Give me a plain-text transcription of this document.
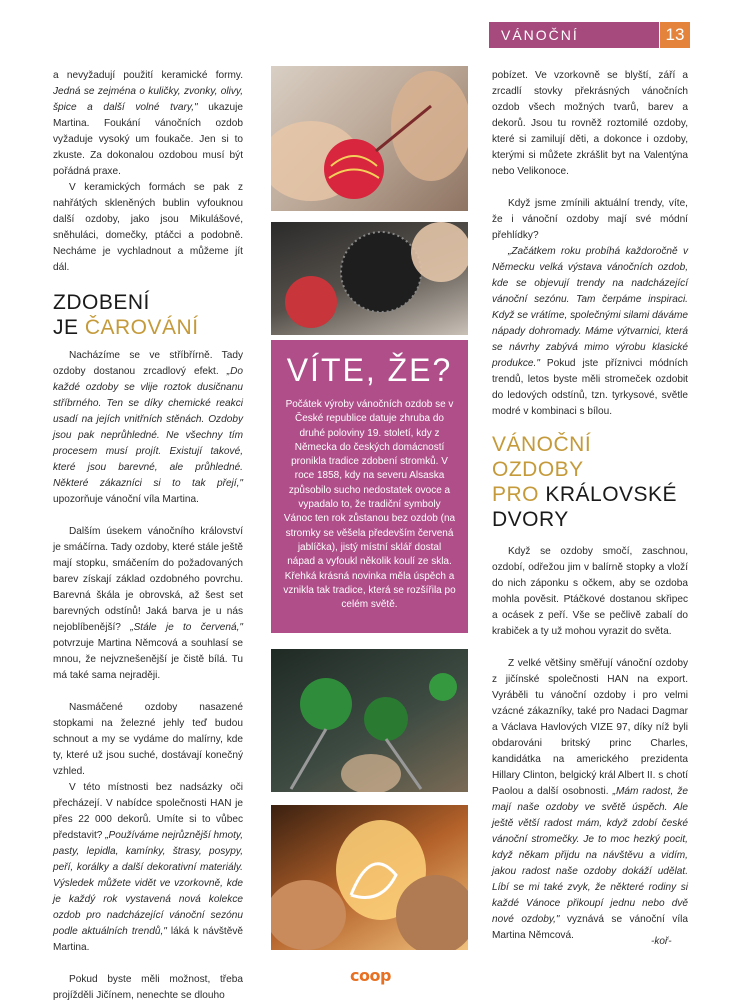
VÁNOČNÍ TRADICE
13

a nevyžadují použití keramické formy. Jedná se zejména o kuličky, zvonky, olivy, špice a další volné tvary," ukazuje Martina. Foukání vánočních ozdob vyžaduje vysoký um foukače. Jen si to zkuste. Za dokonalou ozdobou musí být pořádná praxe.

V keramických formách se pak z nahřátých skleněných bublin vyfouknou další ozdoby, jako jsou Mikulášové, sněhuláci, domečky, ptáčci a podobně. Necháme je vychladnout a můžeme jít dál.

ZDOBENÍ
JE ČAROVÁNÍ

Nacházíme se ve stříbřírně. Tady ozdoby dostanou zrcadlový efekt. „Do každé ozdoby se vlije roztok dusičnanu stříbrného. Ten se díky chemické reakci usadí na jejích vnitřních stěnách. Ozdoby jsou pak neprůhledné. Ne všechny tím procesem musí projít. Existují takové, které jsou barevné, ale průhledné. Některé zákazníci si to tak přejí," upozorňuje vánoční víla Martina.

Dalším úsekem vánočního království je smáčírna. Tady ozdoby, které stále ještě mají stopku, smáčením do požadovaných barev získají základ ozdobného povrchu. Barevná škála je obrovská, až šest set barevných odstínů! Jaká barva je u nás nejoblíbenější? „Stále je to červená," potvrzuje Martina Němcová a souhlasí se mnou, že nejvznešenější je čistě bílá. Tu má také sama nejraději.

Nasmáčené ozdoby nasazené stopkami na železné jehly teď budou schnout a my se vydáme do malírny, kde ty, které už jsou suché, dostávají konečný vzhled.

V této místnosti bez nadsázky oči přecházejí. V nabídce společnosti HAN je přes 22 000 dekorů. Umíte si to vůbec představit? „Používáme nejrůznější hmoty, pasty, lepidla, kamínky, štrasy, posypy, peří, korálky a další dekorativní materiály. Výsledek můžete vidět ve vzorkovně, kde je každý rok vystavená nová kolekce ozdob pro nadcházející vánoční sezónu podle aktuálních trendů," láká k návštěvě Martina.

Pokud byste měli možnost, třeba projížděli Jičínem, nenechte se dlouho

VÍTE, ŽE?
Počátek výroby vánočních ozdob se v České republice datuje zhruba do druhé poloviny 19. století, kdy z Německa do českých domácností pronikla tradice zdobení stromků. V roce 1858, kdy na severu Alsaska způsobilo sucho nedostatek ovoce a vypadalo to, že tradiční symboly Vánoc ten rok zůstanou bez ozdob (na stromky se věšela především červená jablíčka), jistý místní sklář dostal nápad a vyfoukl několik koulí ze skla. Křehká krásná novinka měla úspěch a vznikla tak tradice, která se rozšířila po celém světě.

pobízet. Ve vzorkovně se blyští, září a zrcadlí stovky překrásných vánočních ozdob všech možných tvarů, barev a dekorů. Jsou tu rovněž roztomilé ozdoby, které si zamilují děti, a dokonce i ozdoby, kterými si můžete zkrášlit byt na Valentýna nebo Velikonoce.

Když jsme zmínili aktuální trendy, víte, že i vánoční ozdoby mají své módní přehlídky?

„Začátkem roku probíhá každoročně v Německu velká výstava vánočních ozdob, kde se objevují trendy na nadcházející vánoční sezónu. Tam čerpáme inspiraci. Když se vrátíme, společnými silami dáváme nápady dohromady. Máme výtvarnici, která se návrhy zabývá mimo výrobu klasické produkce." Pokud jste příznivci módních trendů, letos byste měli stromeček ozdobit do ledových odstínů, tzn. tyrkysové, světle modré v kombinaci s bílou.

VÁNOČNÍ
OZDOBY
PRO KRÁLOVSKÉ
DVORY

Když se ozdoby smočí, zaschnou, ozdobí, odřežou jim v balírně stopky a vloží do nich záponku s očkem, aby se ozdoba mohla pověsit. Ptáčkové dostanou skřipec a ocásek z peří. Vše se pečlivě zabalí do krabiček a ty už mohou vyrazit do světa.

Z velké většiny směřují vánoční ozdoby z jičínské společnosti HAN na export. Vyráběli tu vánoční ozdoby i pro velmi vzácné zákazníky, také pro Nadaci Dagmar a Václava Havlových VIZE 97, díky níž byli obdarováni britský princ Charles, kandidátka na amerického prezidenta Hillary Clinton, belgický král Albert II. s chotí Paolou a další osobnosti. „Mám radost, že mají naše ozdoby ve světě úspěch. Ale ještě větší radost mám, když zdobí české vánoční stromečky. Je to moc hezký pocit, když někam přijdu na návštěvu a vidím, jakou radost naše ozdoby dokáží udělat. Líbí se mi také zvyk, že některé rodiny si každé Vánoce přikoupí jednu nebo dvě nové ozdoby," vyznává se vánoční víla Martina Němcová.

-koř-
coop
